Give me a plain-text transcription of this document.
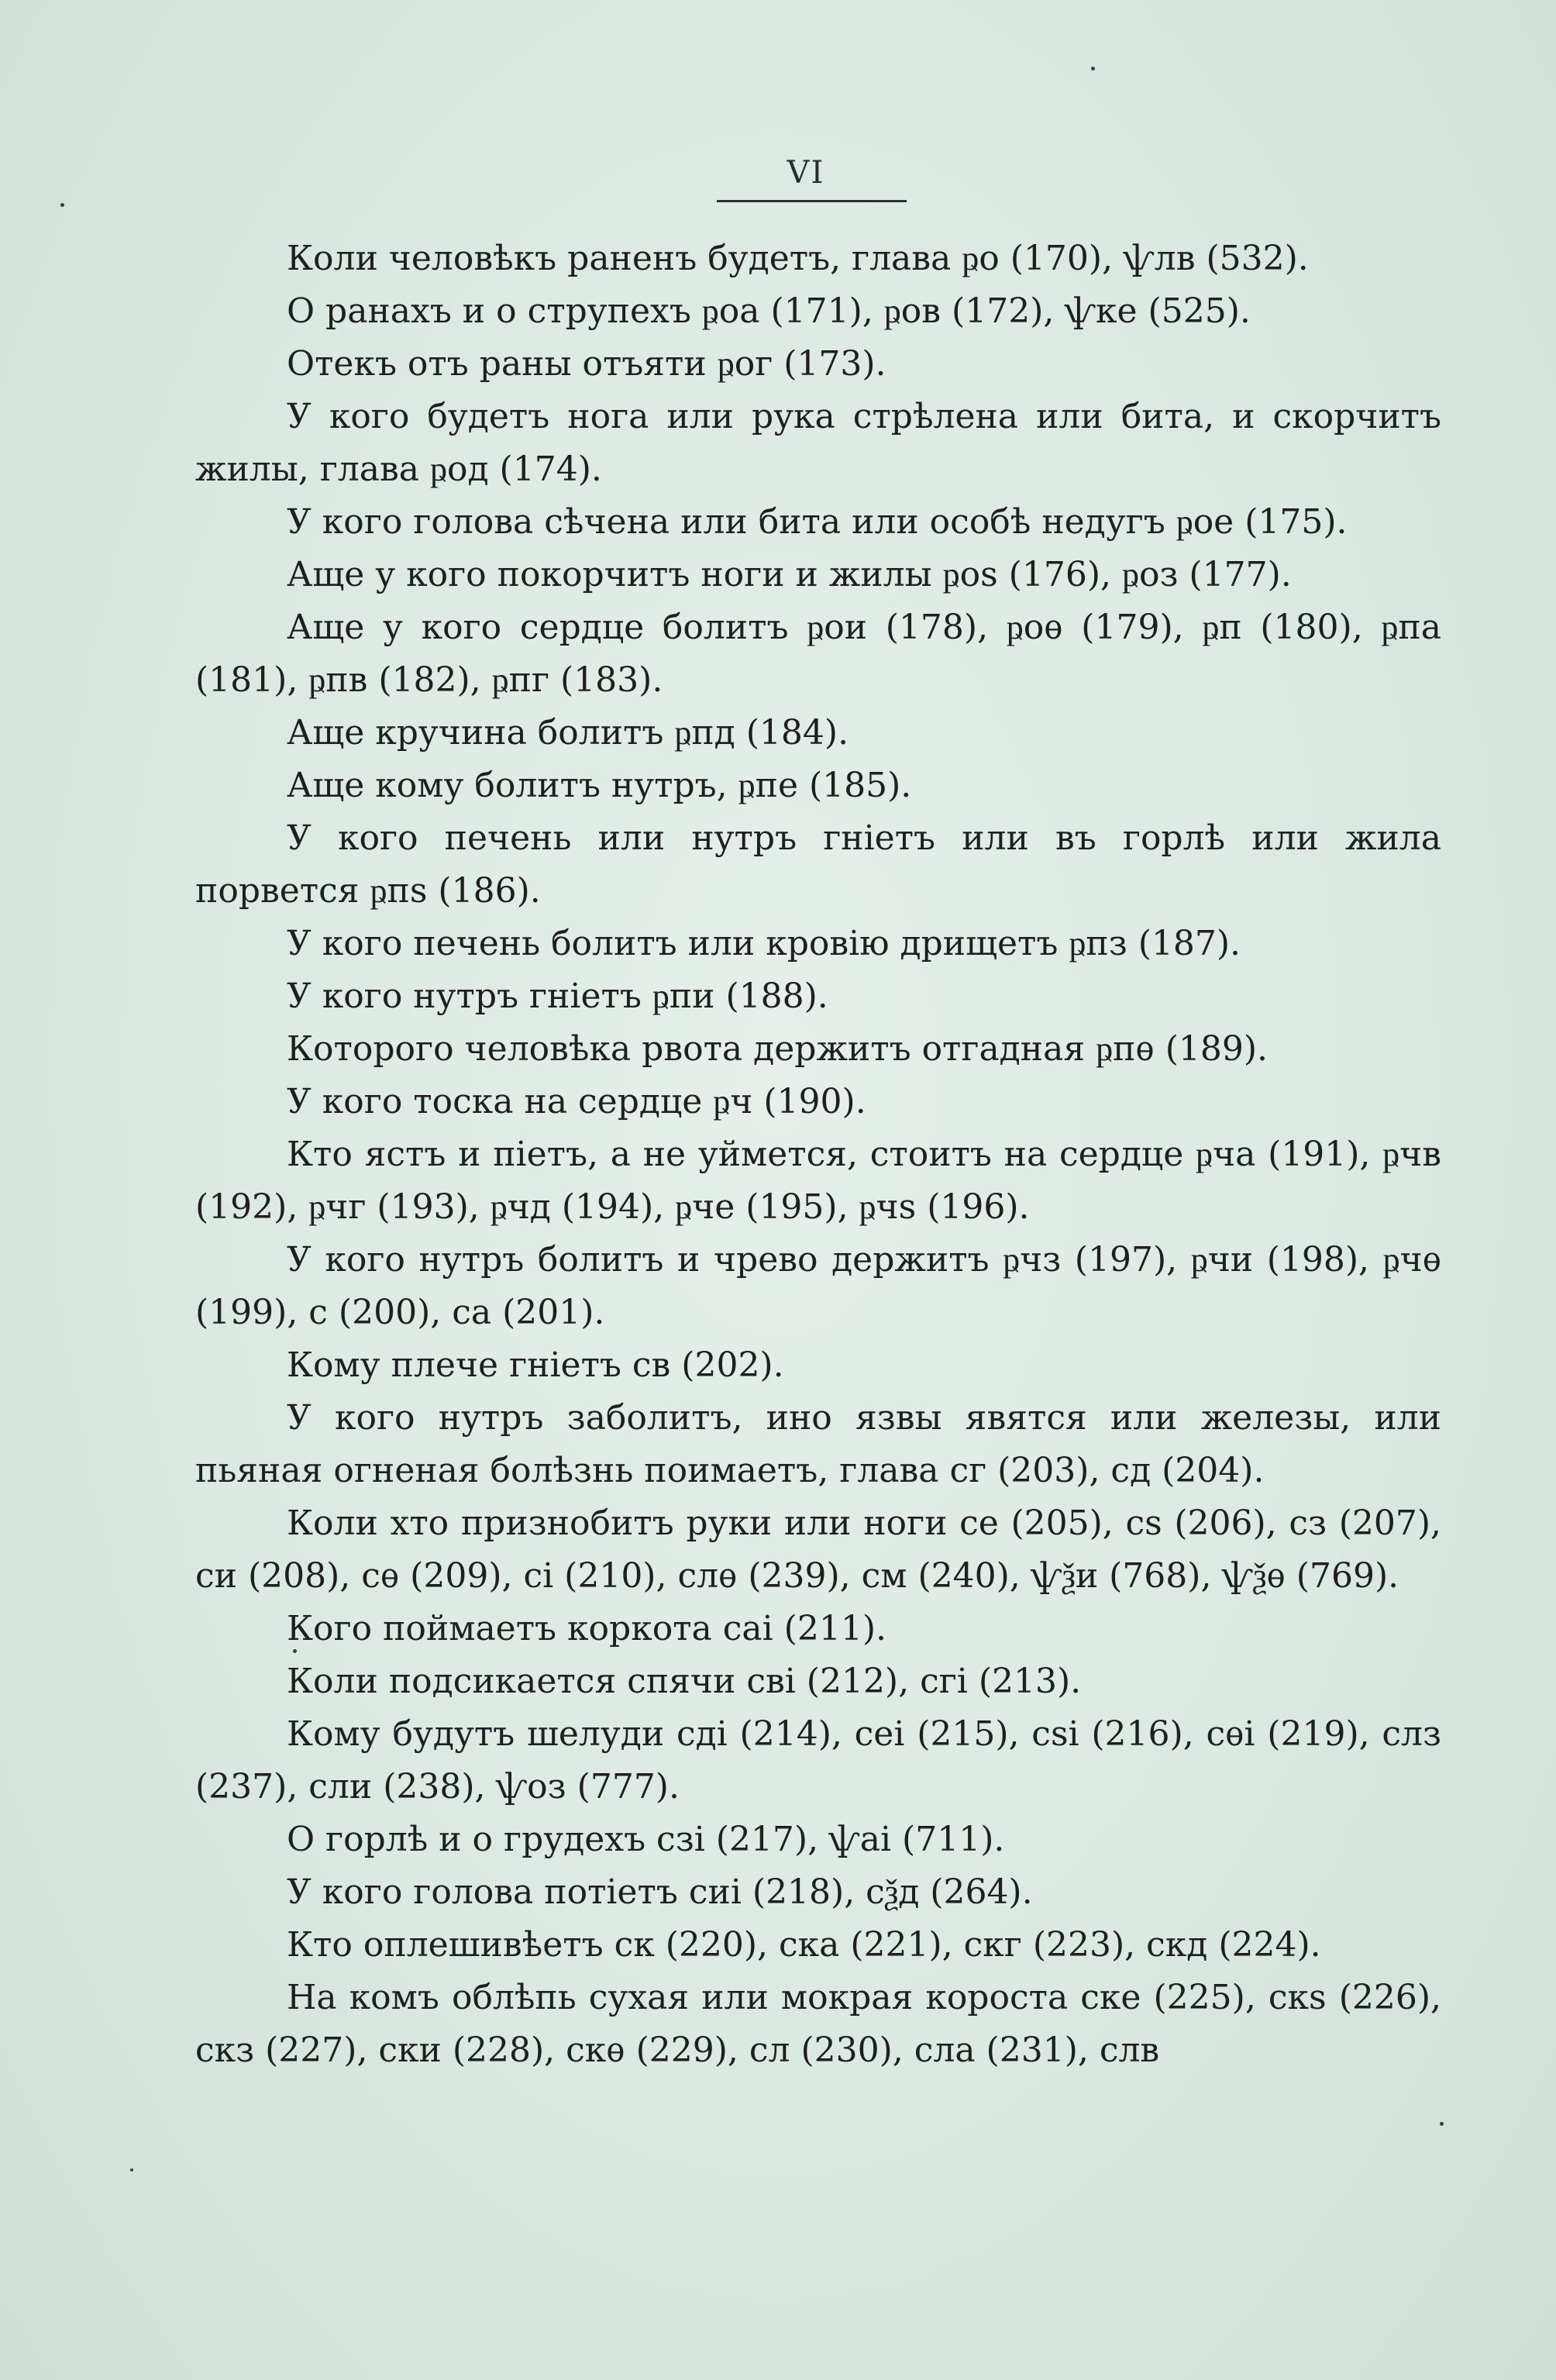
VI

Коли человѣкъ раненъ будетъ, глава ҏо (170), ѱлв (532).

О ранахъ и о струпехъ ҏоа (171), ҏов (172), ѱке (525).

Отекъ отъ раны отъяти ҏог (173).

У кого будетъ нога или рука стрѣлена или бита, и скорчитъ жилы, глава ҏод (174).

У кого голова сѣчена или бита или особѣ недугъ ҏое (175).

Аще у кого покорчитъ ноги и жилы ҏоѕ (176), ҏоз (177).

Аще у кого сердце болитъ ҏои (178), ҏоѳ (179), ҏп (180), ҏпа (181), ҏпв (182), ҏпг (183).

Аще кручина болитъ ҏпд (184).

Аще кому болитъ нутръ, ҏпе (185).

У кого печень или нутръ гнiетъ или въ горлѣ или жила порвется ҏпѕ (186).

У кого печень болитъ или кровiю дрищетъ ҏпз (187).

У кого нутръ гнiетъ ҏпи (188).

Которого человѣка рвота держитъ отгадная ҏпѳ (189).

У кого тоска на сердце ҏч (190).

Кто ястъ и пiетъ, а не уймется, стоитъ на сердце ҏча (191), ҏчв (192), ҏчг (193), ҏчд (194), ҏче (195), ҏчѕ (196).

У кого нутръ болитъ и чрево держитъ ҏчз (197), ҏчи (198), ҏчѳ (199), с (200), са (201).

Кому плече гнiетъ св (202).

У кого нутръ заболитъ, ино язвы явятся или железы, или пьяная огненая болѣзнь поимаетъ, глава сг (203), сд (204).

Коли хто признобитъ руки или ноги се (205), сѕ (206), сз (207), си (208), сѳ (209), сi (210), слѳ (239), см (240), ѱѯи (768), ѱѯѳ (769).

Кого поймаетъ коркота саi (211).

Коли подсикается спячи свi (212), сгi (213).

Кому будутъ шелуди сдi (214), сеi (215), сѕi (216), сѳi (219), слз (237), сли (238), ѱоз (777).

О горлѣ и о грудехъ сзi (217), ѱаi (711).

У кого голова потiетъ сиi (218), сѯд (264).

Кто оплешивѣетъ ск (220), ска (221), скг (223), скд (224).

На комъ облѣпь сухая или мокрая короста ске (225), скѕ (226), скз (227), ски (228), скѳ (229), сл (230), сла (231), слв
